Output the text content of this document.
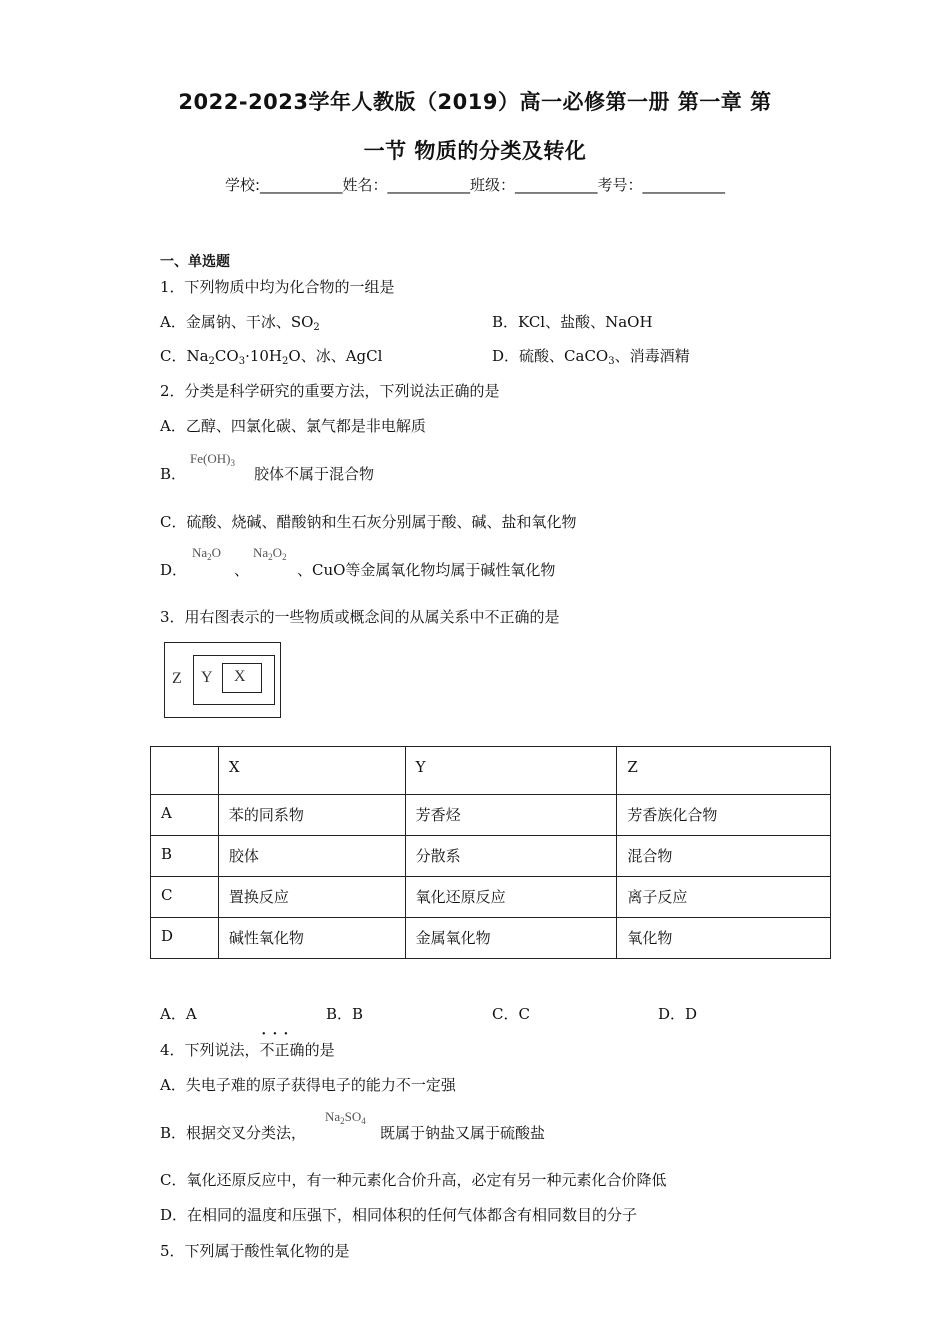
2022-2023学年人教版（2019）高一必修第一册 第一章 第
一节 物质的分类及转化
学校:___________姓名：___________班级：___________考号：___________
一、单选题
1．下列物质中均为化合物的一组是
A．金属钠、干冰、$SO_2$	B．KCl、盐酸、NaOH
C．$Na_2CO_3\cdot 10H_2O$、冰、AgCl	D．硫酸、CaCO$_3$、消毒酒精
2．分类是科学研究的重要方法，下列说法正确的是
A．乙醇、四氯化碳、氯气都是非电解质
B．
$Fe(OH)_3$
胶体不属于混合物
C．硫酸、烧碱、醋酸钠和生石灰分别属于酸、碱、盐和氧化物
D．
$Na_2O$
、
$Na_2O_2$
、CuO等金属氧化物均属于碱性氧化物
3．用右图表示的一些物质或概念间的从属关系中不正确的是
Z Y X
	X	Y	Z
A	苯的同系物	芳香烃	芳香族化合物
B	胶体	分散系	混合物
C	置换反应	氧化还原反应	离子反应
D	碱性氧化物	金属氧化物	氧化物
A．A	B．B	C．C	D．D
4．下列说法，· · · 不正确的是
A．失电子难的原子获得电子的能力不一定强
B．根据交叉分类法，
$Na_2SO_4$
既属于钠盐又属于硫酸盐
C．氧化还原反应中，有一种元素化合价升高，必定有另一种元素化合价降低
D．在相同的温度和压强下，相同体积的任何气体都含有相同数目的分子
5．下列属于酸性氧化物的是
